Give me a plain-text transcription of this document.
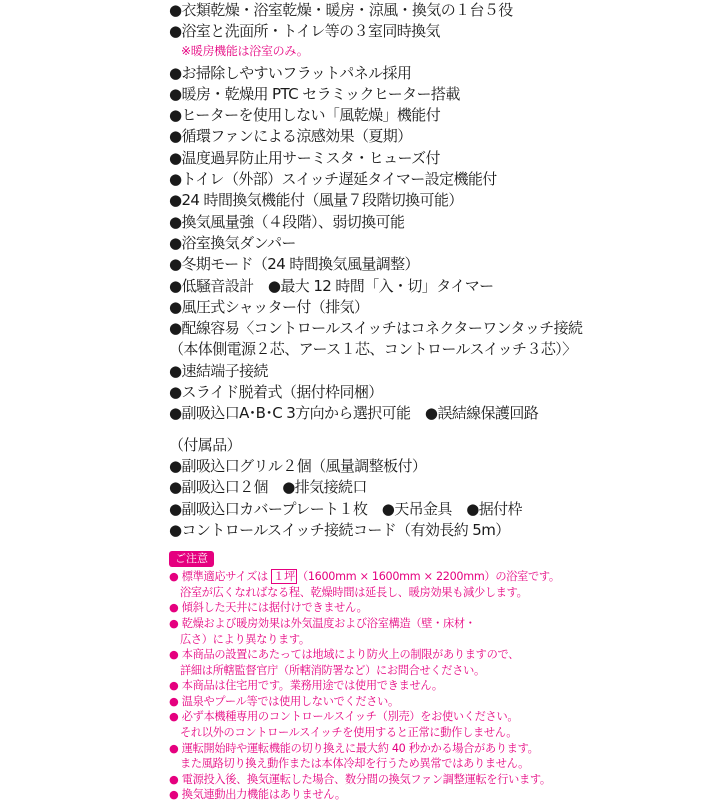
●衣類乾燥・浴室乾燥・暖房・涼風・換気の１台５役
●浴室と洗面所・トイレ等の３室同時換気
※暖房機能は浴室のみ。
●お掃除しやすいフラットパネル採用
●暖房・乾燥用 PTC セラミックヒーター搭載
●ヒーターを使用しない「風乾燥」機能付
●循環ファンによる涼感効果（夏期）
●温度過昇防止用サーミスタ・ヒューズ付
●トイレ（外部）スイッチ遅延タイマー設定機能付
●24 時間換気機能付（風量７段階切換可能）
●換気風量強（４段階）、弱切換可能
●浴室換気ダンパー
●冬期モード（24 時間換気風量調整）
●低騒音設計　●最大 12 時間「入・切」タイマー
●風圧式シャッター付（排気）
●配線容易〈コントロールスイッチはコネクターワンタッチ接続
（本体側電源２芯、アース１芯、コントロールスイッチ３芯）〉
●速結端子接続
●スライド脱着式（据付枠同梱）
●副吸込口A･B･C 3方向から選択可能　●誤結線保護回路
（付属品）
●副吸込口グリル２個（風量調整板付）
●副吸込口２個　●排気接続口
●副吸込口カバープレート１枚　●天吊金具　●据付枠
●コントロールスイッチ接続コード（有効長約 5m）
ご注意
● 標準適応サイズは １坪 （1600mm × 1600mm × 2200mm）の浴室です。
浴室が広くなればなる程、乾燥時間は延長し、暖房効果も減少します。
● 傾斜した天井には据付けできません。
● 乾燥および暖房効果は外気温度および浴室構造（壁・床材・
広さ）により異なります。
● 本商品の設置にあたっては地域により防火上の制限がありますので、
詳細は所轄監督官庁（所轄消防署など）にお問合せください。
● 本商品は住宅用です。業務用途では使用できません。
● 温泉やプール等では使用しないでください。
● 必ず本機種専用のコントロールスイッチ（別売）をお使いください。
それ以外のコントロールスイッチを使用すると正常に動作しません。
● 運転開始時や運転機能の切り換えに最大約 40 秒かかる場合があります。
また風路切り換え動作または本体冷却を行うため異常ではありません。
● 電源投入後、換気運転した場合、数分間の換気ファン調整運転を行います。
● 換気連動出力機能はありません。
